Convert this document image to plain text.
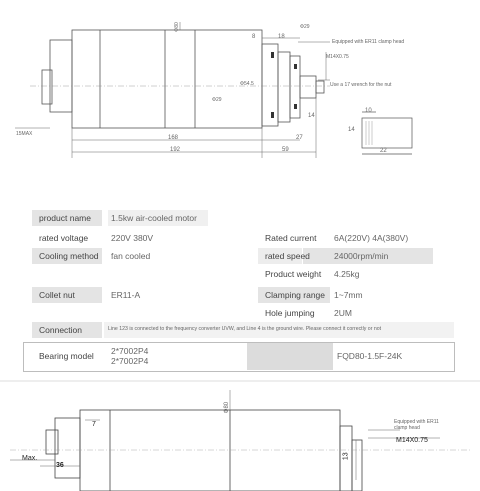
8	18
Φ29
Φ80
Equipped with ER11 clamp head
M14X0.75
Φ54.5	Use a 17 wrench for the nut
Φ29
14
15MAX
168	27
192	59
10
14
22
product name 1.5kw air-cooled motor
rated voltage	220V 380V	Rated current 6A(220V) 4A(380V)
Cooling method fan cooled	rated speed	24000rpm/min
Product weight 4.25kg
Collet nut	ER11-A	Clamping range 1~7mm
Hole jumping 2UM
Connection	Line 123 is connected to the frequency converter UVW, and Line 4 is the ground wire. Please connect it correctly or not
Bearing model 2*7002P4
2*7002P4	FQD80-1.5F-24K
7
Φ80
Equipped with ER11
clamp head
M14X0.75
Max.
36
13
